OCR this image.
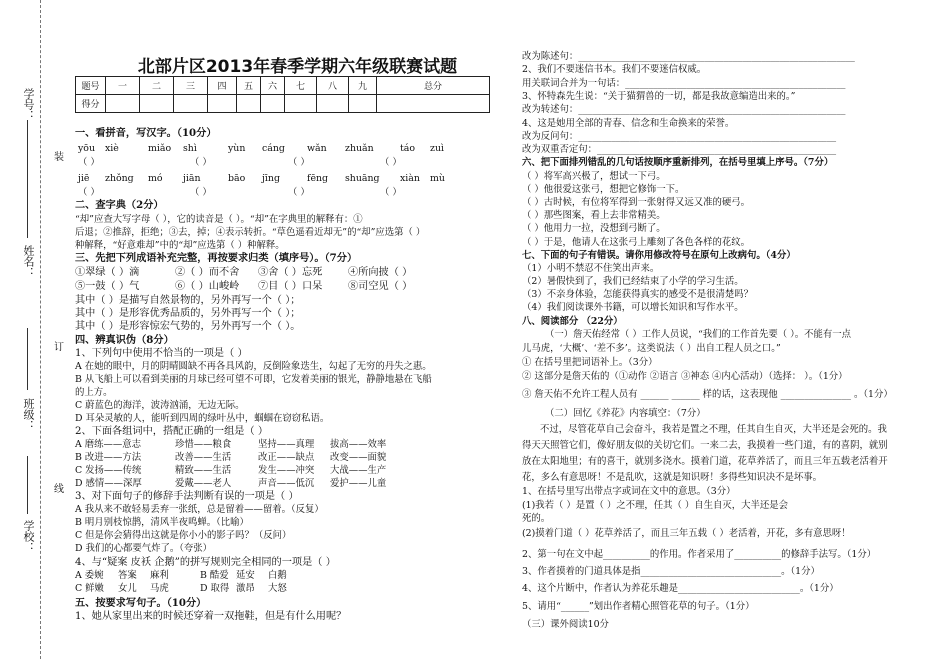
学号：
姓名：
班级：
学校：
装
订
线
北部片区2013年春季学期六年级联赛试题
题号	一	二	三	四	五	六	七	八	九	总分
得分										
一、看拼音，写汉字。（10分）
yōu xiè	miǎo shì	yùn cáng wǎn zhuǎn	táo zuì
（ ）	（ ）	（ ）	（ ）
jiē zhǒng mó jiān	bāo jīng	fēng shuāng xiàn mù
（ ）	（ ）	（ ）	（ ）
二、查字典（2分）
“却”应查大写字母（ ），它的读音是（ ）。“却”在字典里的解释有：①
后退；②推辞，拒绝；③去，掉；④表示转折。“草色遥看近却无”的“却”应选第（ ）
种解释，“好意难却”中的“却”应选第（ ）种解释。
三、先把下列成语补充完整，再按要求归类（填序号）。（7分）
①翠绿（ ）滴	②（ ）而不舍 ③舍（ ）忘死	④所向披（ ）
⑤一鼓（ ）气	⑥（ ）山峻岭 ⑦目（ ）口呆	⑧司空见（ ）
其中（ ）是描写自然景物的，另外再写一个（ ）；
其中（ ）是形容优秀品质的，另外再写一个（ ）；
其中（ ）是形容惊宏气势的，另外再写一个（ ）。
四、辨真识伪（8分）
1、下列句中使用不恰当的一项是（ ）
A 在她的眼中，月的阴晴圆缺不再各具风韵，反倒险象迭生，勾起了无穷的丹失之惠。
B 从飞船上可以看到美丽的月球已经可望不可即，它发着美丽的银光，静静地悬在飞船
的上方。
C 蔚蓝色的海洋，波涛汹涌，无边无际。
D 耳朵灵敏的人，能听到四周的绿叶丛中，蝈蝈在窃窃私语。
2、下面各组词中，搭配正确的一组是（ ）
A 磨练——意志	珍惜——粮食	坚持——真理 拔高——效率
B 改进——方法	改善——生活	改正——缺点 改变——面貌
C 发扬——传统	精致——生活	发生——冲突 大战——生产
D 感情——深厚	爱戴——老人	声音——低沉 爱护——儿童
3、对下面句子的修辞手法判断有误的一项是（ ）
A 我从来不敢轻易丢弃一张纸，总是留着——留着。（反复）
B 明月别枝惊鹊，清风半夜鸣蝉。（比喻）
C 但是你会猜得出这就是你小小的影子吗？（反问）
D 我们的心都要气炸了。（夸张）
4、与“疑案 皮袄 企鹅”的拼写规则完全相同的一项是（ ）
A 委婉 答案 麻利	B 酷爱 延安 白鹅
C 鲜嫩 女儿 马虎	D 取得 激昂 大怒
五、按要求写句子。（10分）
1、她从家里出来的时候还穿着一双拖鞋，但是有什么用呢？
改为陈述句：___________________________________________________________
2、我们不要迷信书本。我们不要迷信权威。
用关联词合并为一句话：_______________________________________________
3、怀特森先生说：“关于猫猬兽的一切，都是我故意编造出来的。”
改为转述句：_________________________________________________________
4、这是她用全部的青春、信念和生命换来的荣誉。
改为反问句：_______________________________________________________
改为双重否定句：___________________________________________________
六、把下面排列错乱的几句话按顺序重新排列，在括号里填上序号。（7分）
（ ）将军高兴极了，想试一下弓。
（ ）他很爱这张弓，想把它修饰一下。
（ ）古时候，有位将军得到一张射得又远又准的硬弓。
（ ）那些图案，看上去非常精美。
（ ）他用力一拉，没想到弓断了。
（ ）于是，他请人在这张弓上雕刻了各色各样的花纹。
七、下面的句子有错误。请你用修改符号在原句上改病句。（4分）
（1）小明不禁忍不住笑出声来。
（2）暑假快到了，我们已经结束了小学的学习生活。
（3）不亲身体验，怎能获得真实的感受不是很清楚吗？
（4）我们阅读课外书籍，可以增长知识和写作水平。
八、阅读部分 （22分）
（一）詹天佑经常（ ）工作人员说，“我们的工作首先要（ ）。不能有一点
儿马虎，‘大概’、‘差不多’。这类说法（ ）出自工程人员之口。”
① 在括号里把词语补上。（3分）
② 这部分是詹天佑的（①动作 ②语言 ③神态 ④内心活动）（选择： ）。（1分）
③ 詹天佑不允许工程人员有 ______ ______ 样的话，这表现他 _______________ 。（1分）
（二）回忆《养花》内容填空：（7分）
不过，尽管花草自己会奋斗，我若是置之不理，任其自生自灭，大半还是会死的。我
得天天照管它们，像好朋友似的关切它们。一来二去，我摸着一些门道，有的喜阴，就别
放在太阳地里；有的喜干，就别多浇水。摸着门道，花草养活了，而且三年五载老活着开
花，多么有意思呀！不是乱吹，这就是知识呀！多得些知识决不是坏事。
1、在括号里写出带点字或词在文中的意思。（3分）
(1)我若（ ）是置（ ）之不理，任其（ ）自生自灭，大半还是会
死的。
(2)摸着门道（ ）花草养活了，而且三年五载（ ）老活着，开花，多有意思呀！
2、第一句在文中起__________的作用。作者采用了__________的修辞手法写。（1分）
3、作者摸着的门道具体是指______________________________。（1分）
4、这个片断中，作者认为养花乐趣是__________________________。（1分）
5、请用“______”划出作者精心照管花草的句子。（1分）
（三）课外阅读10分
